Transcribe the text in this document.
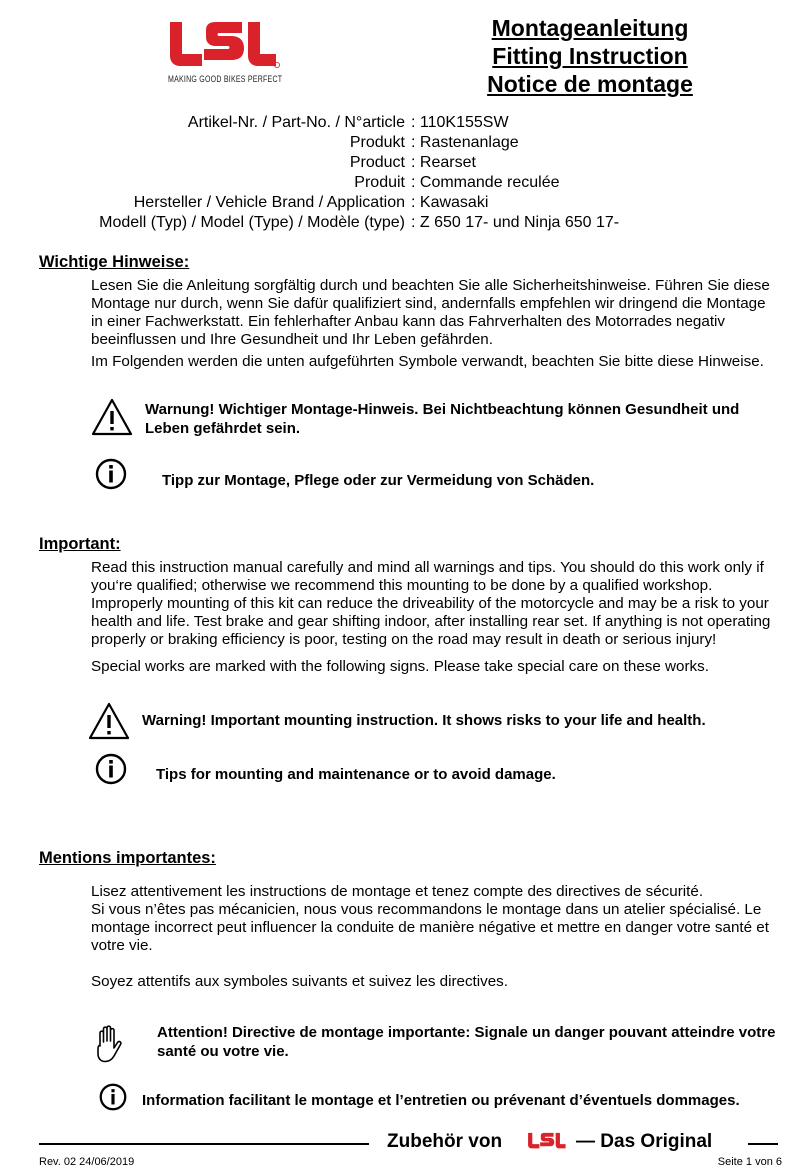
MAKING GOOD BIKES PERFECT
Montageanleitung
Fitting Instruction
Notice de montage
Artikel-Nr. / Part-No. / N°article : 110K155SW
Produkt : Rastenanlage
Product : Rearset
Produit : Commande reculée
Hersteller / Vehicle Brand / Application : Kawasaki
Modell (Typ) / Model (Type) / Modèle (type) : Z 650 17- und Ninja 650 17-
Wichtige Hinweise:

Lesen Sie die Anleitung sorgfältig durch und beachten Sie alle Sicherheitshinweise. Führen Sie diese Montage nur durch, wenn Sie dafür qualifiziert sind, andernfalls empfehlen wir dringend die Montage in einer Fachwerkstatt. Ein fehlerhafter Anbau kann das Fahrverhalten des Motorrades negativ beeinflussen und Ihre Gesundheit und Ihr Leben gefährden.

Im Folgenden werden die unten aufgeführten Symbole verwandt, beachten Sie bitte diese Hinweise.

Warnung! Wichtiger Montage-Hinweis. Bei Nichtbeachtung können Gesundheit und Leben gefährdet sein.
Tipp zur Montage, Pflege oder zur Vermeidung von Schäden.
Important:

Read this instruction manual carefully and mind all warnings and tips. You should do this work only if you‘re qualified; otherwise we recommend this mounting to be done by a qualified workshop. Improperly mounting of this kit can reduce the driveability of the motorcycle and may be a risk to your health and life. Test brake and gear shifting indoor, after installing rear set. If anything is not operating properly or braking efficiency is poor, testing on the road may result in death or serious injury!

Special works are marked with the following signs. Please take special care on these works.

Warning! Important mounting instruction. It shows risks to your life and health.
Tips for mounting and maintenance or to avoid damage.
Mentions importantes:

Lisez attentivement les instructions de montage et tenez compte des directives de sécurité.

Si vous n’êtes pas mécanicien, nous vous recommandons le montage dans un atelier spécialisé. Le montage incorrect peut influencer la conduite de manière négative et mettre en danger votre santé et votre vie.

Soyez attentifs aux symboles suivants et suivez les directives.

Attention! Directive de montage importante: Signale un danger pouvant atteindre votre santé ou votre vie.
Information facilitant le montage et l’entretien ou prévenant d’éventuels dommages.
Zubehör von	— Das Original
Rev. 02 24/06/2019	Seite 1 von 6
